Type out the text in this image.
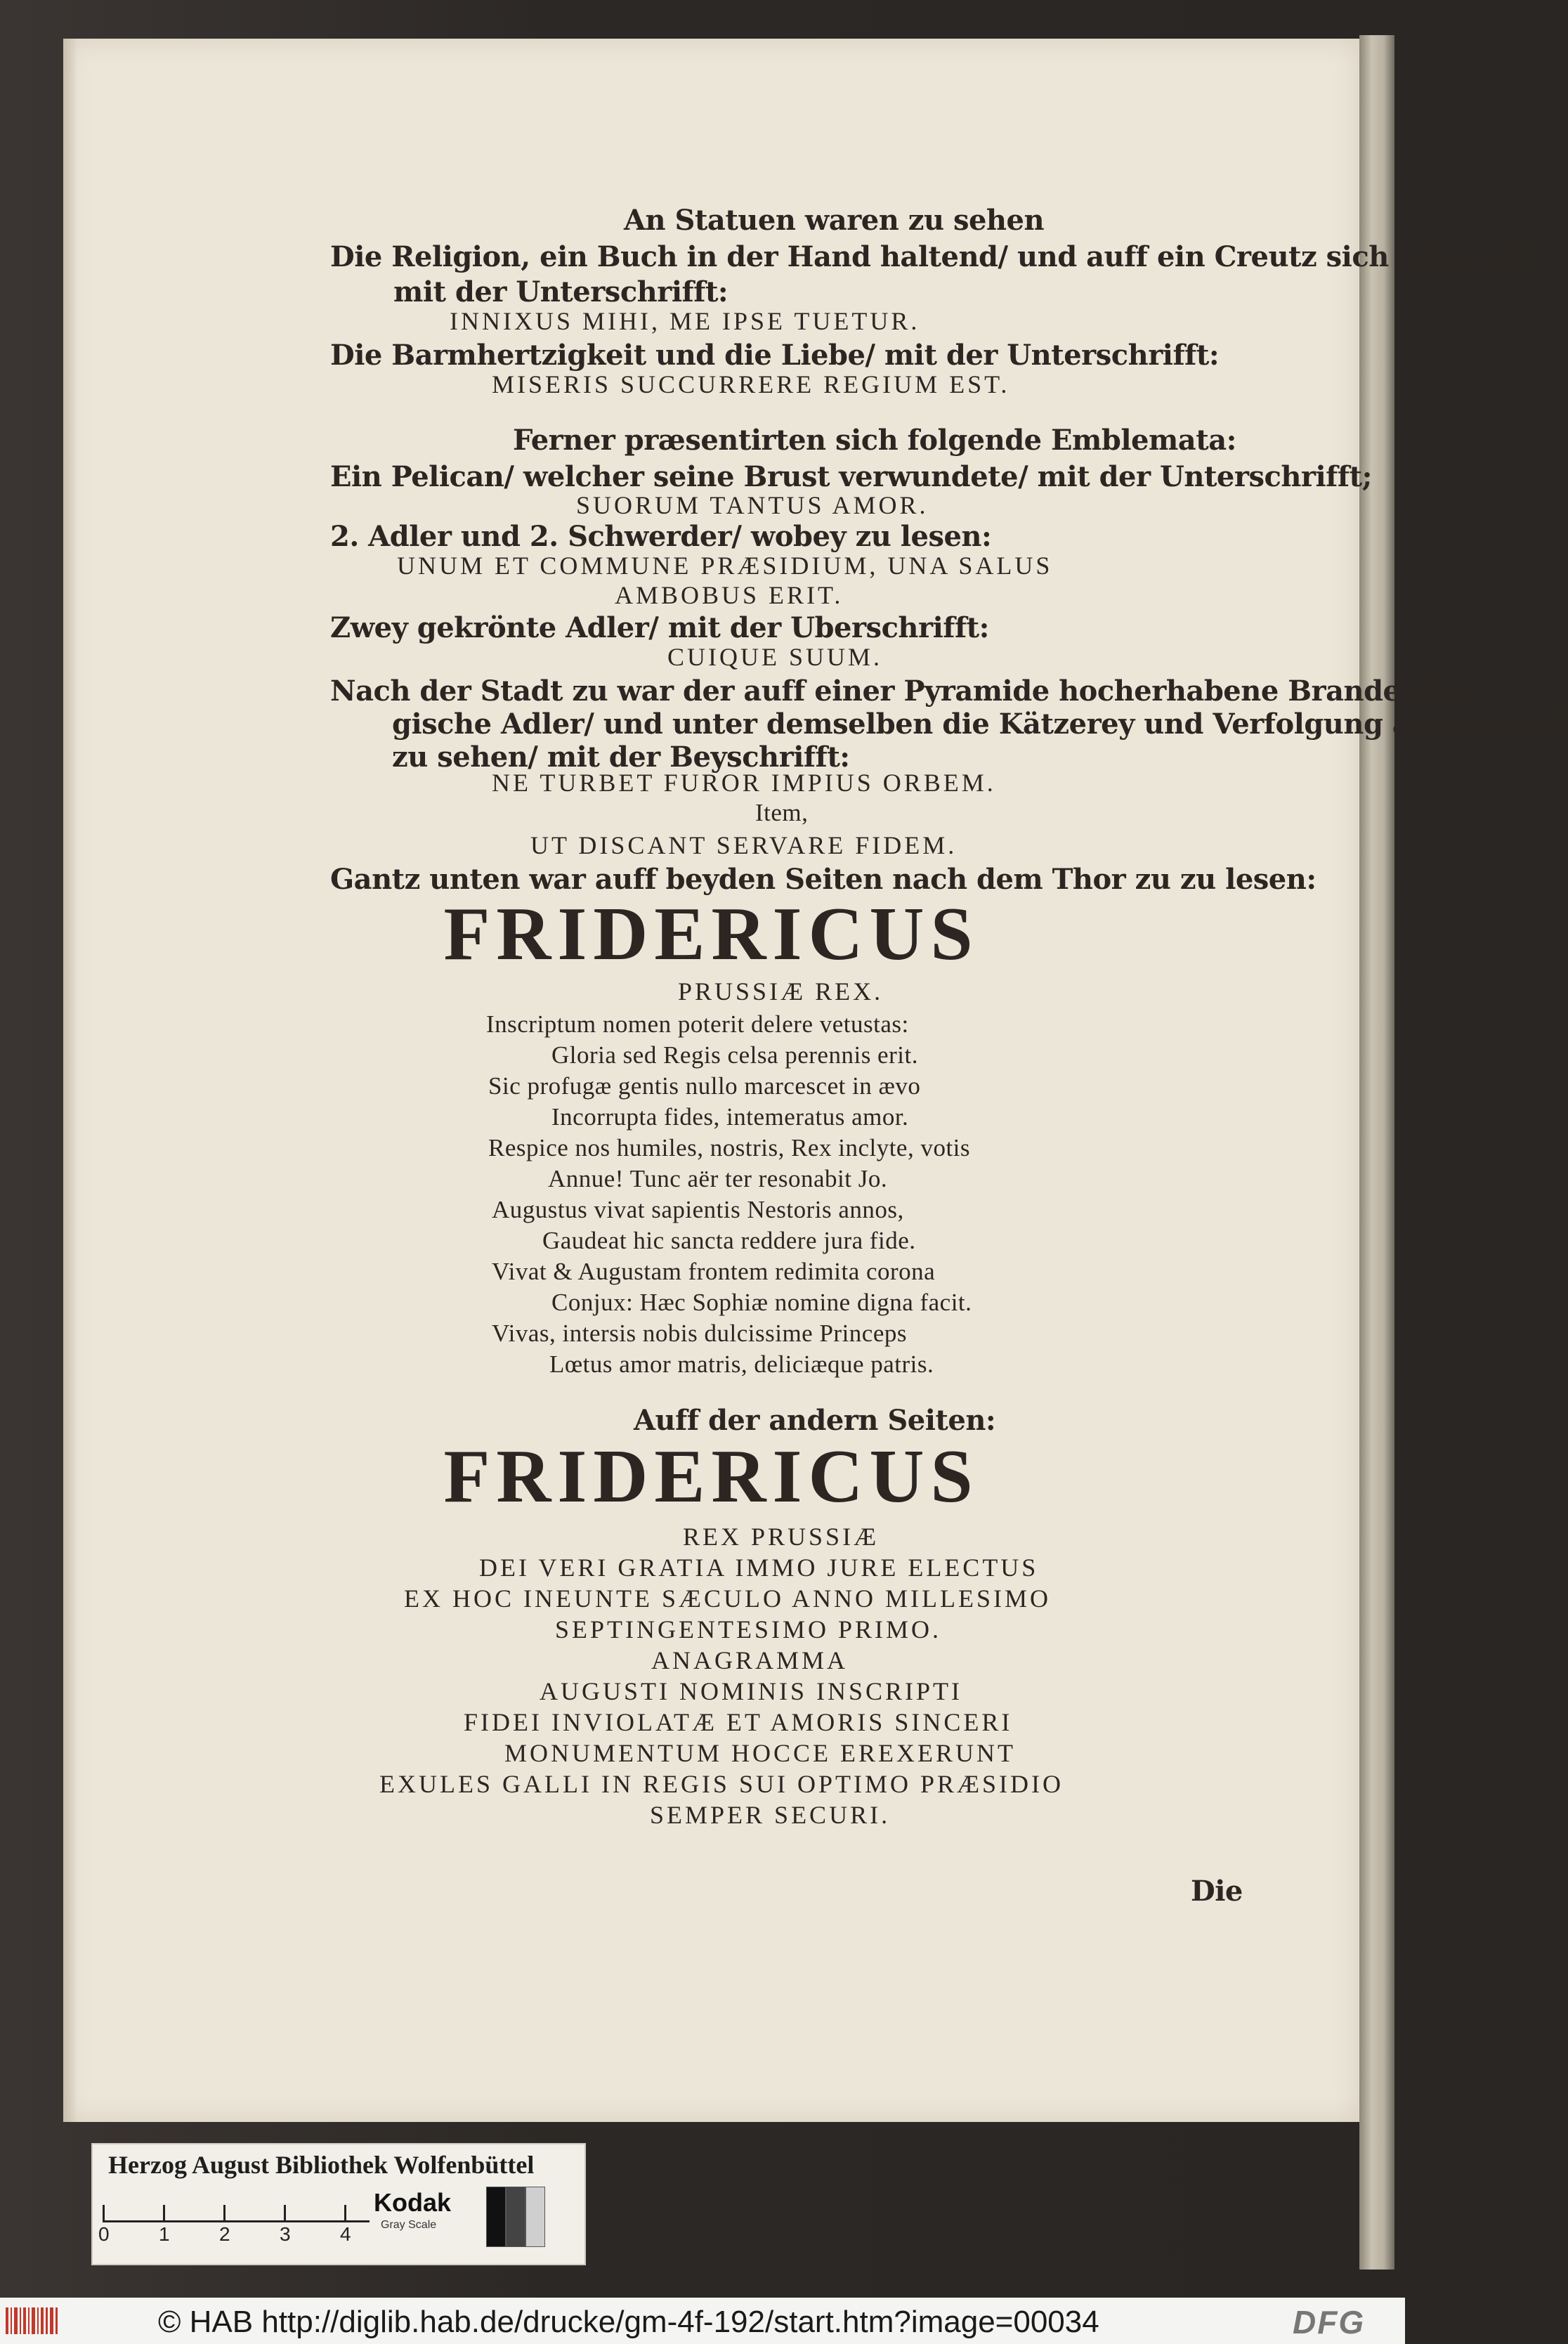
An Statuen waren zu sehen
Die Religion, ein Buch in der Hand haltend/ und auff ein Creutz sich lehnend/
mit der Unterschrifft:
INNIXUS MIHI, ME IPSE TUETUR.
Die Barmhertzigkeit und die Liebe/ mit der Unterschrifft:
MISERIS SUCCURRERE REGIUM EST.
Ferner præsentirten sich folgende Emblemata:
Ein Pelican/ welcher seine Brust verwundete/ mit der Unterschrifft;
SUORUM TANTUS AMOR.
2. Adler und 2. Schwerder/ wobey zu lesen:
UNUM ET COMMUNE PRÆSIDIUM, UNA SALUS
AMBOBUS ERIT.
Zwey gekrönte Adler/ mit der Uberschrifft:
CUIQUE SUUM.
Nach der Stadt zu war der auff einer Pyramide hocherhabene Brandenbur-
gische Adler/ und unter demselben die Kätzerey und Verfolgung angefesselt
zu sehen/ mit der Beyschrifft:
NE TURBET FUROR IMPIUS ORBEM.
Item,
UT DISCANT SERVARE FIDEM.
Gantz unten war auff beyden Seiten nach dem Thor zu zu lesen:
PRUSSIÆ REX.
Inscriptum nomen poterit delere vetustas:
Gloria sed Regis celsa perennis erit.
Sic profugæ gentis nullo marcescet in ævo
Incorrupta fides, intemeratus amor.
Respice nos humiles, nostris, Rex inclyte, votis
Annue! Tunc aër ter resonabit Jo.
Augustus vivat sapientis Nestoris annos,
Gaudeat hic sancta reddere jura fide.
Vivat & Augustam frontem redimita corona
Conjux: Hæc Sophiæ nomine digna facit.
Vivas, intersis nobis dulcissime Princeps
Lœtus amor matris, deliciæque patris.
Auff der andern Seiten:
REX PRUSSIÆ
DEI VERI GRATIA IMMO JURE ELECTUS
EX HOC INEUNTE SÆCULO ANNO MILLESIMO
SEPTINGENTESIMO PRIMO.
ANAGRAMMA
AUGUSTI NOMINIS INSCRIPTI
FIDEI INVIOLATÆ ET AMORIS SINCERI
MONUMENTUM HOCCE EREXERUNT
EXULES GALLI IN REGIS SUI OPTIMO PRÆSIDIO
SEMPER SECURI.
Die
FRIDERICUS
FRIDERICUS
Herzog August Bibliothek Wolfenbüttel
0	1	2	3	4
Kodak
Gray Scale
© HAB http://diglib.hab.de/drucke/gm-4f-192/start.htm?image=00034	DFG
